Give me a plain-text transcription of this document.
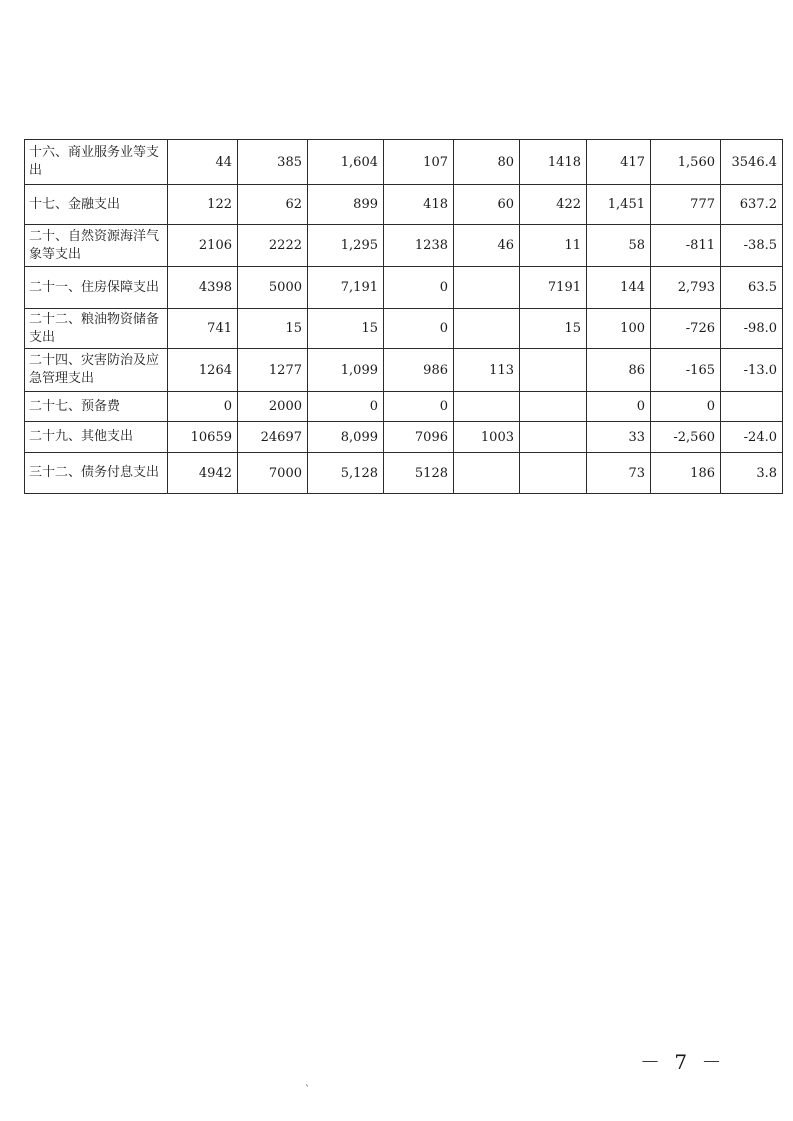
十六、商业服务业等支出	44	385	1,604	107	80	1418	417	1,560	3546.4
十七、金融支出	122	62	899	418	60	422	1,451	777	637.2
二十、自然资源海洋气象等支出	2106	2222	1,295	1238	46	11	58	-811	-38.5
二十一、住房保障支出	4398	5000	7,191	0		7191	144	2,793	63.5
二十二、粮油物资储备支出	741	15	15	0		15	100	-726	-98.0
二十四、灾害防治及应急管理支出	1264	1277	1,099	986	113		86	-165	-13.0
二十七、预备费	0	2000	0	0			0	0	
二十九、其他支出	10659	24697	8,099	7096	1003		33	-2,560	-24.0
三十二、债务付息支出	4942	7000	5,128	5128			73	186	3.8
－ 7 －
ˋ
